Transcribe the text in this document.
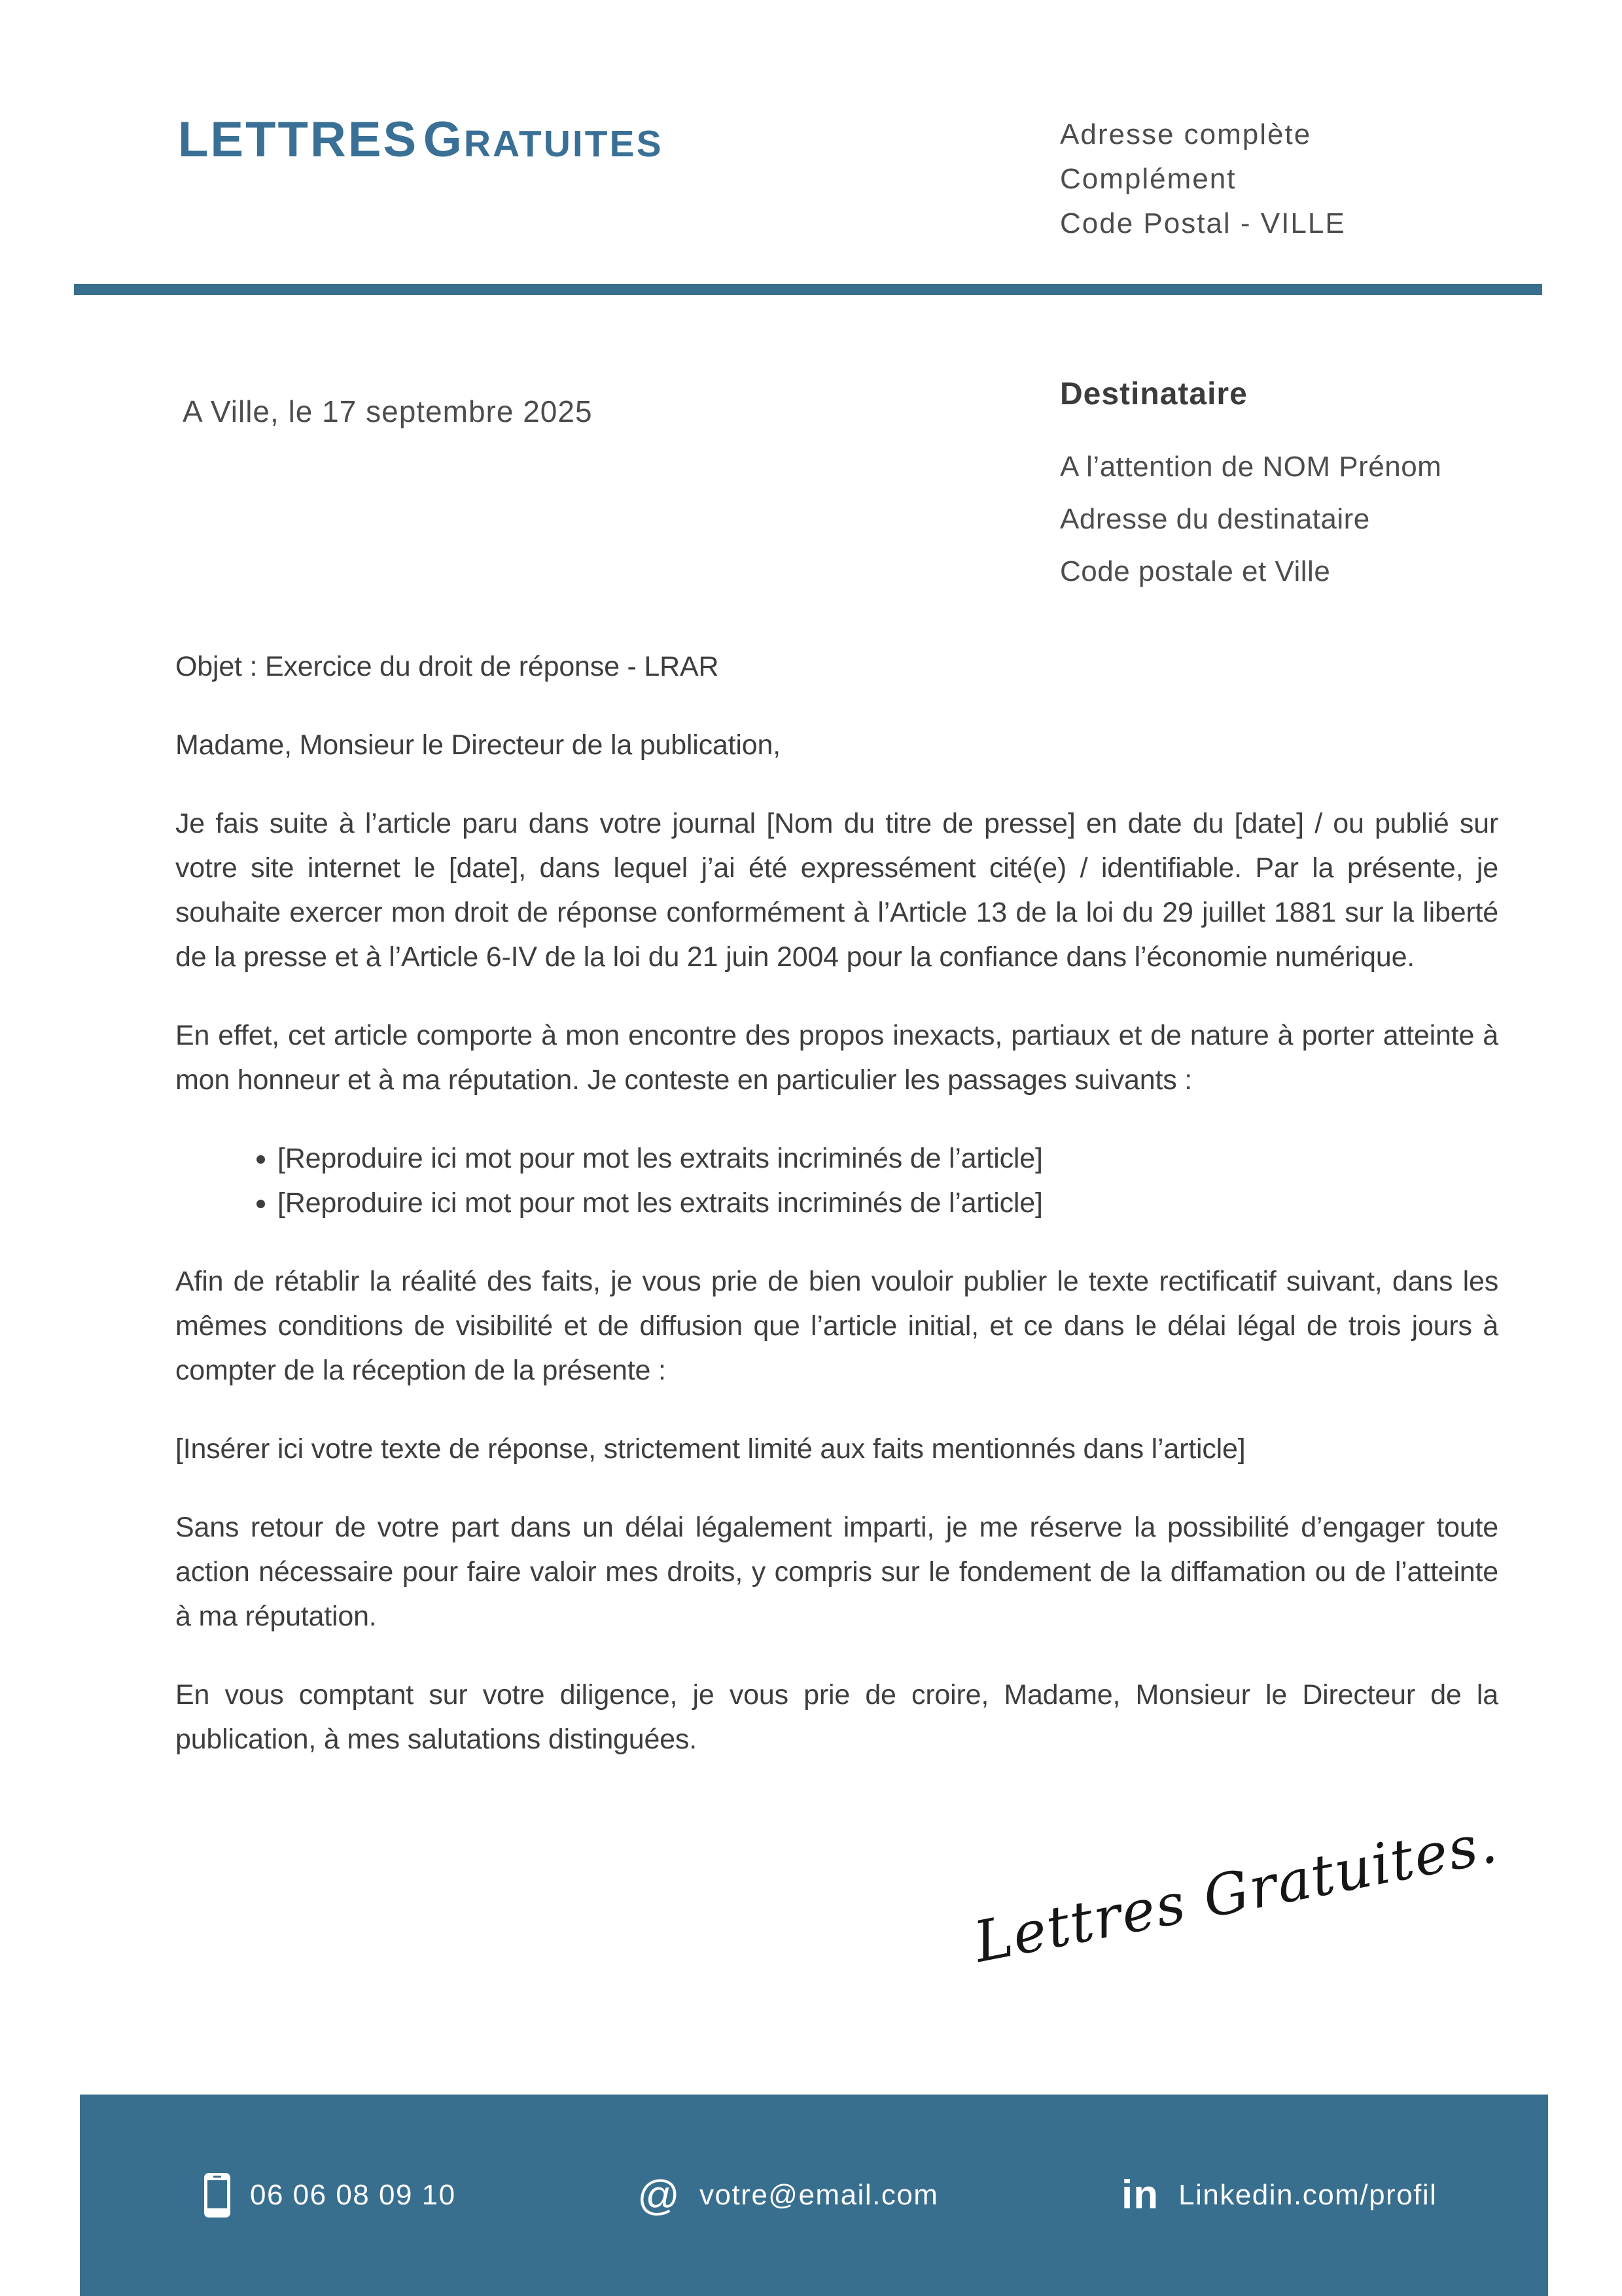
LETTRES GRATUITES	Adresse complète
Complément
Code Postal - VILLE
A Ville, le 17 septembre 2025	Destinataire
A l’attention de NOM Prénom
Adresse du destinataire
Code postale et Ville

Objet : Exercice du droit de réponse - LRAR

Madame, Monsieur le Directeur de la publication,

Je fais suite à l’article paru dans votre journal [Nom du titre de presse] en date du [date] / ou publié sur votre site internet le [date], dans lequel j’ai été expressément cité(e) / identifiable. Par la présente, je souhaite exercer mon droit de réponse conformément à l’Article 13 de la loi du 29 juillet 1881 sur la liberté de la presse et à l’Article 6-IV de la loi du 21 juin 2004 pour la confiance dans l’économie numérique.

En effet, cet article comporte à mon encontre des propos inexacts, partiaux et de nature à porter atteinte à mon honneur et à ma réputation. Je conteste en particulier les passages suivants :

• [Reproduire ici mot pour mot les extraits incriminés de l’article]
• [Reproduire ici mot pour mot les extraits incriminés de l’article]

Afin de rétablir la réalité des faits, je vous prie de bien vouloir publier le texte rectificatif suivant, dans les mêmes conditions de visibilité et de diffusion que l’article initial, et ce dans le délai légal de trois jours à compter de la réception de la présente :

[Insérer ici votre texte de réponse, strictement limité aux faits mentionnés dans l’article]

Sans retour de votre part dans un délai légalement imparti, je me réserve la possibilité d’engager toute action nécessaire pour faire valoir mes droits, y compris sur le fondement de la diffamation ou de l’atteinte à ma réputation.

En vous comptant sur votre diligence, je vous prie de croire, Madame, Monsieur le Directeur de la publication, à mes salutations distinguées.

Lettres Gratuites.
06 06 08 09 10	@ votre@email.com	in Linkedin.com/profil
